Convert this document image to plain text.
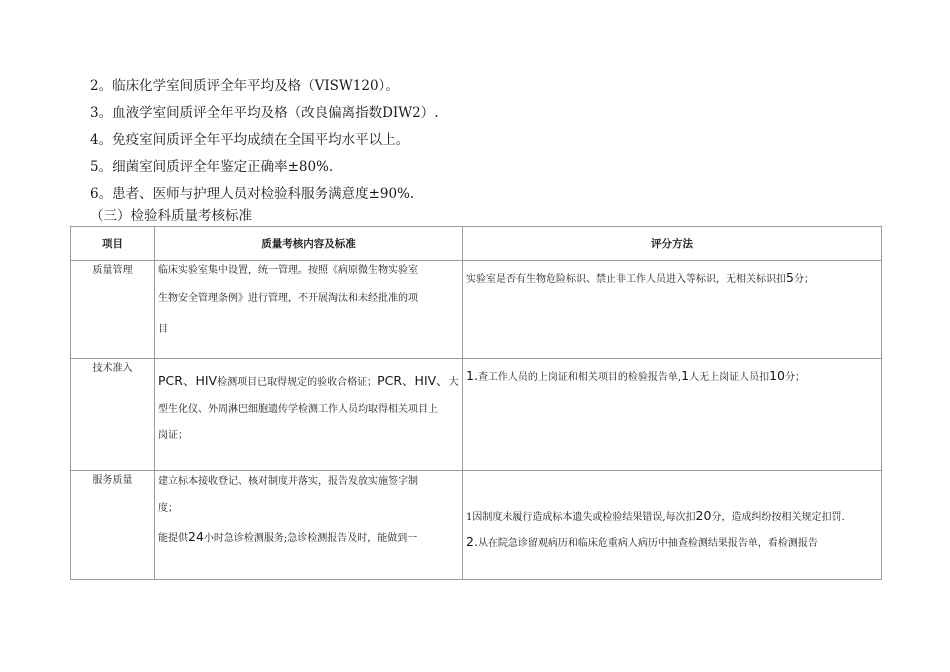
2。临床化学室间质评全年平均及格（VISW120）。
3。血液学室间质评全年平均及格（改良偏离指数DIW2）.
4。免疫室间质评全年平均成绩在全国平均水平以上。
5。细菌室间质评全年鉴定正确率±80%.
6。患者、医师与护理人员对检验科服务满意度±90%.
（三）检验科质量考核标准
项目	质量考核内容及标准	评分方法
质量管理	临床实验室集中设置，统一管理。按照《病原微生物实验室
生物安全管理条例》进行管理，不开展淘汰和未经批准的项
目	实验室是否有生物危险标识、禁止非工作人员进入等标识，无相关标识扣5分；

技术准入	PCR、HIV检测项目已取得规定的验收合格证；PCR、HIV、大
型生化仪、外周淋巴细胞遗传学检测工作人员均取得相关项目上
岗证；	1.查工作人员的上岗证和相关项目的检验报告单,1人无上岗证人员扣10分；

服务质量	建立标本接收登记、核对制度并落实，报告发放实施签字制
度；
能提供24小时急诊检测服务;急诊检测报告及时，能做到一	1因制度未履行造成标本遗失或检验结果错误,每次扣20分，造成纠纷按相关规定扣罚.
2.从在院急诊留观病历和临床危重病人病历中抽查检测结果报告单，看检测报告
